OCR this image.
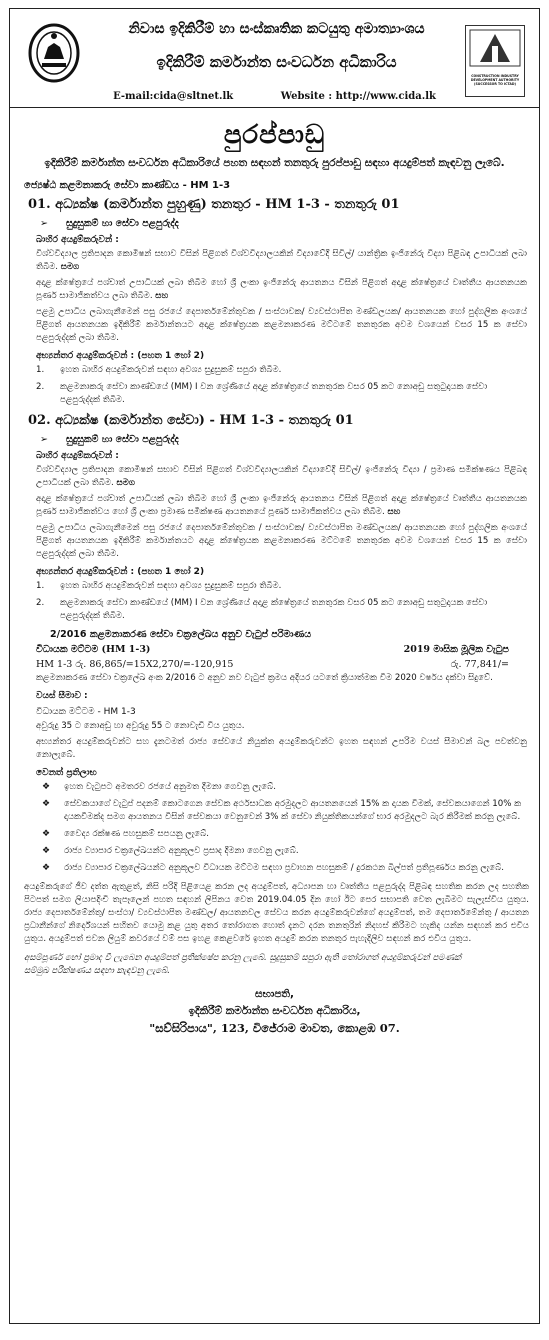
නිවාස ඉදිකිරීම් හා සංස්කෘතික කටයුතු අමාත්‍යාංශය
ඉදිකිරීම් කර්මාන්ත සංවර්ධන අධිකාරිය
CONSTRUCTION INDUSTRY DEVELOPMENT AUTHORITY (SUCCESSOR TO ICTAD)
E-mail:cida@sltnet.lk	Website : http://www.cida.lk
පුරප්පාඩු
ඉදිකිරීම් කර්මාන්ත සංවර්ධන අධිකාරියේ පහත සඳහන් තනතුරු පුරප්පාඩු සඳහා අයදුම්පත් කැඳවනු ලැබේ.
ජ්‍යෙෂ්ඨ කළමනාකරු සේවා කාණ්ඩය - HM 1-3
01. අධ්‍යක්ෂ (කර්මාන්ත පුහුණු) තනතුර - HM 1-3 - තනතුරු 01
➢ සුදුසුකම් හා සේවා පළපුරුද්ද
බාහිර අයදුම්කරුවන් :
විශ්වවිද්‍යාල ප්‍රතිපාදන කොමිෂන් සභාව විසින් පිළිගත් විශ්වවිද්‍යාලයකින් විද්‍යාවේදී සිවිල්/ යාන්ත්‍රික ඉංජිනේරු විද්‍යා පිළිබඳ උපාධියක් ලබා තිබීම. සමග
අදාළ ක්ෂේත්‍රයේ පශ්චාත් උපාධියක් ලබා තිබීම හෝ ශ්‍රී ලංකා ඉංජිනේරු ආයතනය විසින් පිළිගත් අදාළ ක්ෂේත්‍රයේ වෘත්තීය ආයතනයක පූර්ණ සාමාජිකත්වය ලබා තිබීම. සහ
පළමු උපාධිය ලබාගැනීමෙන් පසු රජයේ දෙපාර්තමේන්තුවක / සංස්ථාවක/ ව්‍යවස්ථාපිත මණ්ඩලයක/ ආයතනයක හෝ පුද්ගලික අංශයේ පිළිගත් ආයතනයක ඉදිකිරීම් කර්මාන්තයට අදාළ ක්ෂේත්‍රයක කළමනාකරණ මට්ටමේ තනතුරක අවම වශයෙන් වසර 15 ක සේවා පළපුරුද්දක් ලබා තිබීම.
අභ්‍යන්තර අයදුම්කරුවන් : (පහත 1 හෝ 2)
1.	ඉහත බාහිර අයදුම්කරුවන් සඳහා අවශ්‍ය සුදුසුකම් සපුරා තිබීම.
2.	කළමනාකරු සේවා කාණ්ඩයේ (MM) I වන ශ්‍රේණියේ අදාළ ක්ෂේත්‍රයේ තනතුරක වසර 05 කට නොඅඩු සතුටුදායක සේවා පළපුරුද්දක් තිබීම.
02. අධ්‍යක්ෂ (කර්මාන්ත සේවා) - HM 1-3 - තනතුරු 01
➢ සුදුසුකම් හා සේවා පළපුරුද්ද
බාහිර අයදුම්කරුවන් :
විශ්වවිද්‍යාල ප්‍රතිපාදන කොමිෂන් සභාව විසින් පිළිගත් විශ්වවිද්‍යාලයකින් විද්‍යාවේදී සිවිල්/ ඉංජිනේරු විද්‍යා / ප්‍රමාණ සමීක්ෂණය පිළිබඳ උපාධියක් ලබා තිබීම. සමග
අදාළ ක්ෂේත්‍රයේ පශ්චාත් උපාධියක් ලබා තිබීම හෝ ශ්‍රී ලංකා ඉංජිනේරු ආයතනය විසින් පිළිගත් අදාළ ක්ෂේත්‍රයේ වෘත්තීය ආයතනයක පූර්ණ සාමාජිකත්වය හෝ ශ්‍රී ලංකා ප්‍රමාණ සමීක්ෂණ ආයතනයේ පූර්ණ සාමාජිකත්වය ලබා තිබීම. සහ
පළමු උපාධිය ලබාගැනීමෙන් පසු රජයේ දෙපාර්තමේන්තුවක / සංස්ථාවක/ ව්‍යවස්ථාපිත මණ්ඩලයක/ ආයතනයක හෝ පුද්ගලික අංශයේ පිළිගත් ආයතනයක ඉදිකිරීම් කර්මාන්තයට අදාළ ක්ෂේත්‍රයක කළමනාකරණ මට්ටමේ තනතුරක අවම වශයෙන් වසර 15 ක සේවා පළපුරුද්දක් ලබා තිබීම.
අභ්‍යන්තර අයදුම්කරුවන් : (පහත 1 හෝ 2)
1.	ඉහත බාහිර අයදුම්කරුවන් සඳහා අවශ්‍ය සුදුසුකම් සපුරා තිබීම.
2.	කළමනාකරු සේවා කාණ්ඩයේ (MM) I වන ශ්‍රේණියේ අදාළ ක්ෂේත්‍රයේ තනතුරක වසර 05 කට නොඅඩු සතුටුදායක සේවා පළපුරුද්දක් තිබීම.
2/2016 කළමනාකරණ සේවා චක්‍රලේඛය අනුව වැටුප් පරිමාණය
විධායක මට්ටම (HM 1-3)	2019 මාසික මූලික වැටුප
HM 1-3 රු. 86,865/=15X2,270/=-120,915	රු. 77,841/=
කළමනාකරණ සේවා චක්‍රලේඛ අංක 2/2016 ට අනුව නව වැටුප් ක්‍රමය අදියර යටතේ ක්‍රියාත්මක වීම 2020 වර්ෂය දක්වා සිදුවේ.
වයස් සීමාව :
විධායක මට්ටම - HM 1-3
අවුරුදු 35 ට නොඅඩු හා අවුරුදු 55 ට නොවැඩි විය යුතුය.
අභ්‍යන්තර අයදුම්කරුවන්ට සහ දැනටමත් රාජ්‍ය සේවයේ නියුක්ත අයදුම්කරුවන්ට ඉහත සඳහන් උපරිම වයස් සීමාවන් බල පවත්වනු නොලැබේ.
වෙනත් ප්‍රතිලාභ
❖	ඉහත වැටුපට අමතරව රජයේ අනුමත දීමනා ගෙවනු ලැබේ.
❖	සේවකයාගේ වැටුප් පදනම් කොටගෙන සේවක අර්ථසාධක අරමුදලට ආයතනයෙන් 15% ක දායක වීමක්, සේවකයාගෙන් 10% ක දායකවීමක්ද සමග ආයතනය විසින් සේවකයා වෙනුවෙන් 3% ක් සේවා නියුක්තිකයන්ගේ භාර අරමුදලට බැර කිරීමක් කරනු ලැබේ.
❖	වෛද්‍ය රක්ෂණ පහසුකම් සපයනු ලැබේ.
❖	රාජ්‍ය ව්‍යාපාර චක්‍රලේඛයන්ට අනුකූලව ප්‍රසාද දීමනා ගෙවනු ලැබේ.
❖	රාජ්‍ය ව්‍යාපාර චක්‍රලේඛයන්ට අනුකූලව විධායක මට්ටම සඳහා ප්‍රවාහන පහසුකම් / දුරකථන බිල්පත් ප්‍රතිපූර්ණය කරනු ලැබේ.
අයදුම්කරුගේ ජීව දත්ත ඇතුළත්, නිසි පරිදි පිළියෙළ කරන ලද අයදුම්පත්, අධ්‍යාපන හා වෘත්තීය පළපුරුද්ද පිළිබඳ සහතික කරන ලද සහතික පිටපත් සමග ලියාපදිංචි තැපෑලෙන් පහත සඳහන් ලිපිනය වෙත 2019.04.05 දින හෝ ඊට පෙර සභාපති වෙත ලැබිමට සැලැස්විය යුතුය. රාජ්‍ය දෙපාර්තමේන්තු/ සංස්ථා/ ව්‍යවස්ථාපිත මණ්ඩල/ ආයතනවල සේවය කරන අයදුම්කරුවන්ගේ අයදුම්පත්, තම දෙපාර්තමේන්තු / ආයතන ප්‍රධානීන්ගේ නිර්දේශයන් සහිතව යොමු කළ යුතු අතර තෝරාගත හොත් දැනට දරන තනතුරින් නිදහස් කිරීමට හැකිද යන්න සඳහන් කර එවිය යුතුය. අයදුම්පත් එවන ලියුම් කවරයේ වම් පස ඉහළ කෙළවරේ ඉහත අයදුම් කරන තනතුර පැහැදිලිව සඳහන් කර එවිය යුතුය.
අසම්පූර්ණ හෝ ප්‍රමාද වී ලැබෙන අයදුම්පත් ප්‍රතික්ෂේප කරනු ලැබේ. සුදුසුකම් සපුරා ඇති තෝරාගත් අයදුම්කරුවන් පමණක් සම්මුඛ පරීක්ෂණය සඳහා කැඳවනු ලැබේ.
සභාපති,
ඉදිකිරීම් කර්මාන්ත සංවර්ධන අධිකාරිය,
"සව්සිරිපාය", 123, විජේරාම මාවත, කොළඹ 07.
